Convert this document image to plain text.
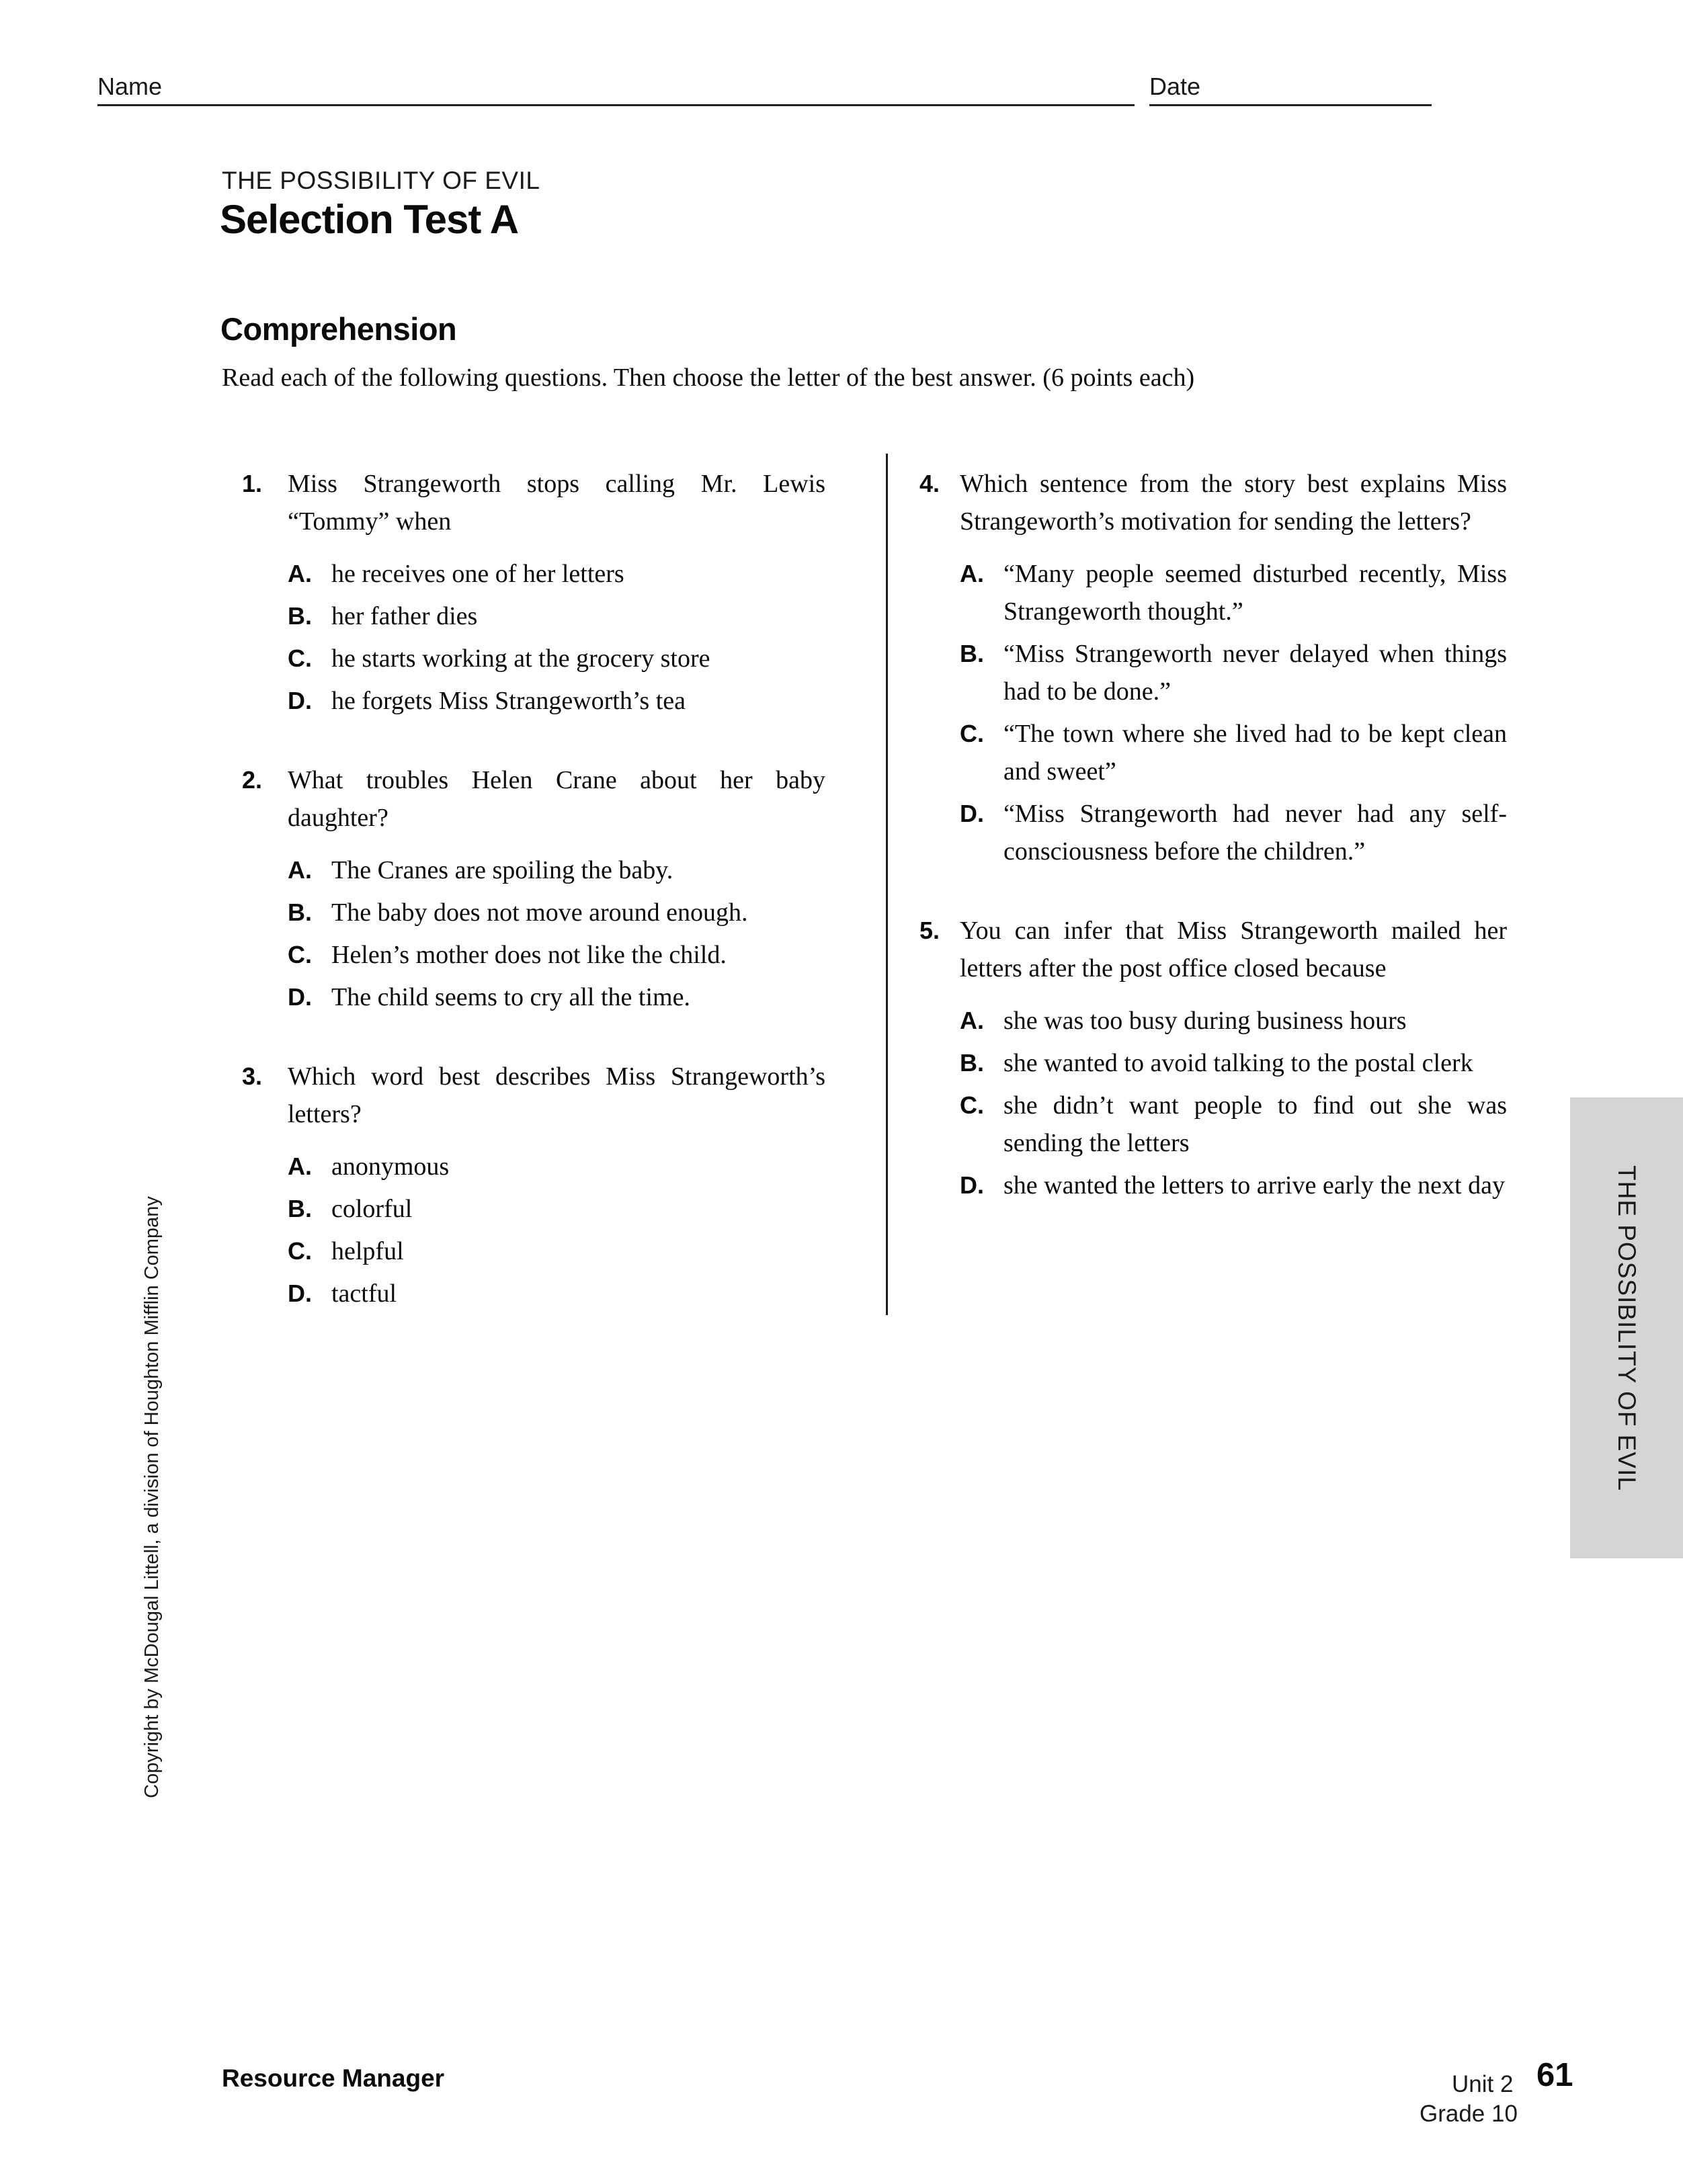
Name	Date
THE POSSIBILITY OF EVIL
Selection Test A
Comprehension
Read each of the following questions. Then choose the letter of the best answer. (6 points each)
1. Miss Strangeworth stops calling Mr. Lewis “Tommy” when

A. he receives one of her letters

B. her father dies

C. he starts working at the grocery store

D. he forgets Miss Strangeworth’s tea

2. What troubles Helen Crane about her baby daughter?

A. The Cranes are spoiling the baby.

B. The baby does not move around enough.

C. Helen’s mother does not like the child.

D. The child seems to cry all the time.

3. Which word best describes Miss Strangeworth’s letters?

A. anonymous

B. colorful

C. helpful

D. tactful

4. Which sentence from the story best explains Miss Strangeworth’s motivation for sending the letters?

A. “Many people seemed disturbed recently, Miss Strangeworth thought.”

B. “Miss Strangeworth never delayed when things had to be done.”

C. “The town where she lived had to be kept clean and sweet”

D. “Miss Strangeworth had never had any self-consciousness before the children.”

5. You can infer that Miss Strangeworth mailed her letters after the post office closed because

A. she was too busy during business hours

B. she wanted to avoid talking to the postal clerk

C. she didn’t want people to find out she was sending the letters

D. she wanted the letters to arrive early the next day

Copyright by McDougal Littell, a division of Houghton Mifflin Company	THE POSSIBILITY OF EVIL
Resource Manager	Unit 2 61
Grade 10
